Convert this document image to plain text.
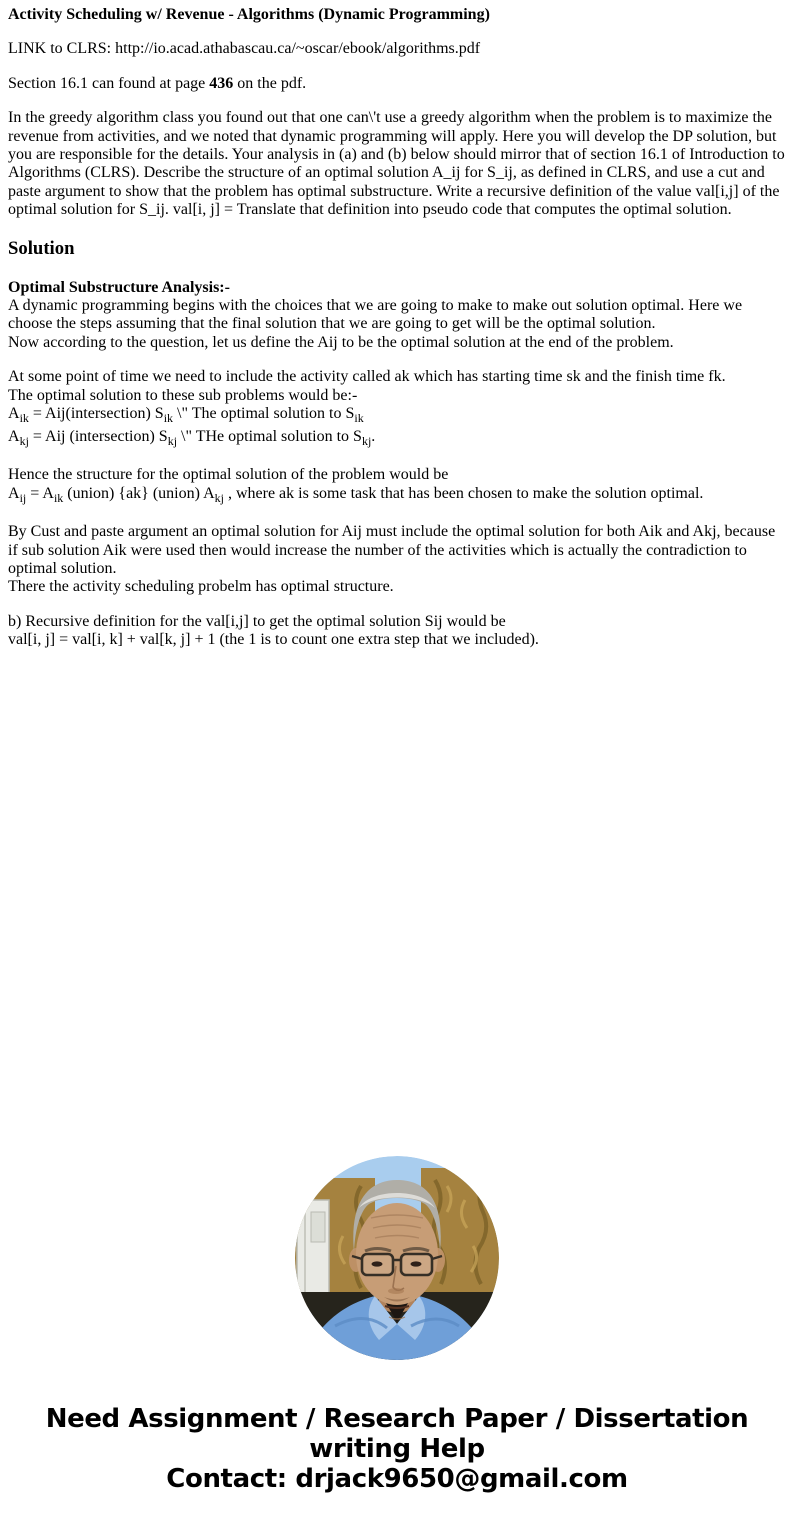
Activity Scheduling w/ Revenue - Algorithms (Dynamic Programming)

LINK to CLRS: http://io.acad.athabascau.ca/~oscar/ebook/algorithms.pdf

Section 16.1 can found at page 436 on the pdf.

In the greedy algorithm class you found out that one can\'t use a greedy algorithm when the problem is to maximize the revenue from activities, and we noted that dynamic programming will apply. Here you will develop the DP solution, but you are responsible for the details. Your analysis in (a) and (b) below should mirror that of section 16.1 of Introduction to Algorithms (CLRS). Describe the structure of an optimal solution A_ij for S_ij, as defined in CLRS, and use a cut and paste argument to show that the problem has optimal substructure. Write a recursive definition of the value val[i,j] of the optimal solution for S_ij. val[i, j] = Translate that definition into pseudo code that computes the optimal solution.

Solution

Optimal Substructure Analysis:-
A dynamic programming begins with the choices that we are going to make to make out solution optimal. Here we choose the steps assuming that the final solution that we are going to get will be the optimal solution.
Now according to the question, let us define the Aij to be the optimal solution at the end of the problem.

At some point of time we need to include the activity called ak which has starting time sk and the finish time fk.
The optimal solution to these sub problems would be:-
$A_{ik}$ = Aij(intersection) $S_{ik}$ \" The optimal solution to $S_{ik}$
$A_{kj}$ = Aij (intersection) $S_{kj}$ \" THe optimal solution to $S_{kj}$.

Hence the structure for the optimal solution of the problem would be
$A_{ij} = A_{ik}$ (union) {ak} (union) $A_{kj}$ , where ak is some task that has been chosen to make the solution optimal.

By Cust and paste argument an optimal solution for Aij must include the optimal solution for both Aik and Akj, because if sub solution Aik were used then would increase the number of the activities which is actually the contradiction to optimal solution.
There the activity scheduling probelm has optimal structure.

b) Recursive definition for the val[i,j] to get the optimal solution Sij would be
val[i, j] = val[i, k] + val[k, j] + 1 (the 1 is to count one extra step that we included).

Need Assignment / Research Paper / Dissertation
writing Help
Contact: drjack9650@gmail.com
